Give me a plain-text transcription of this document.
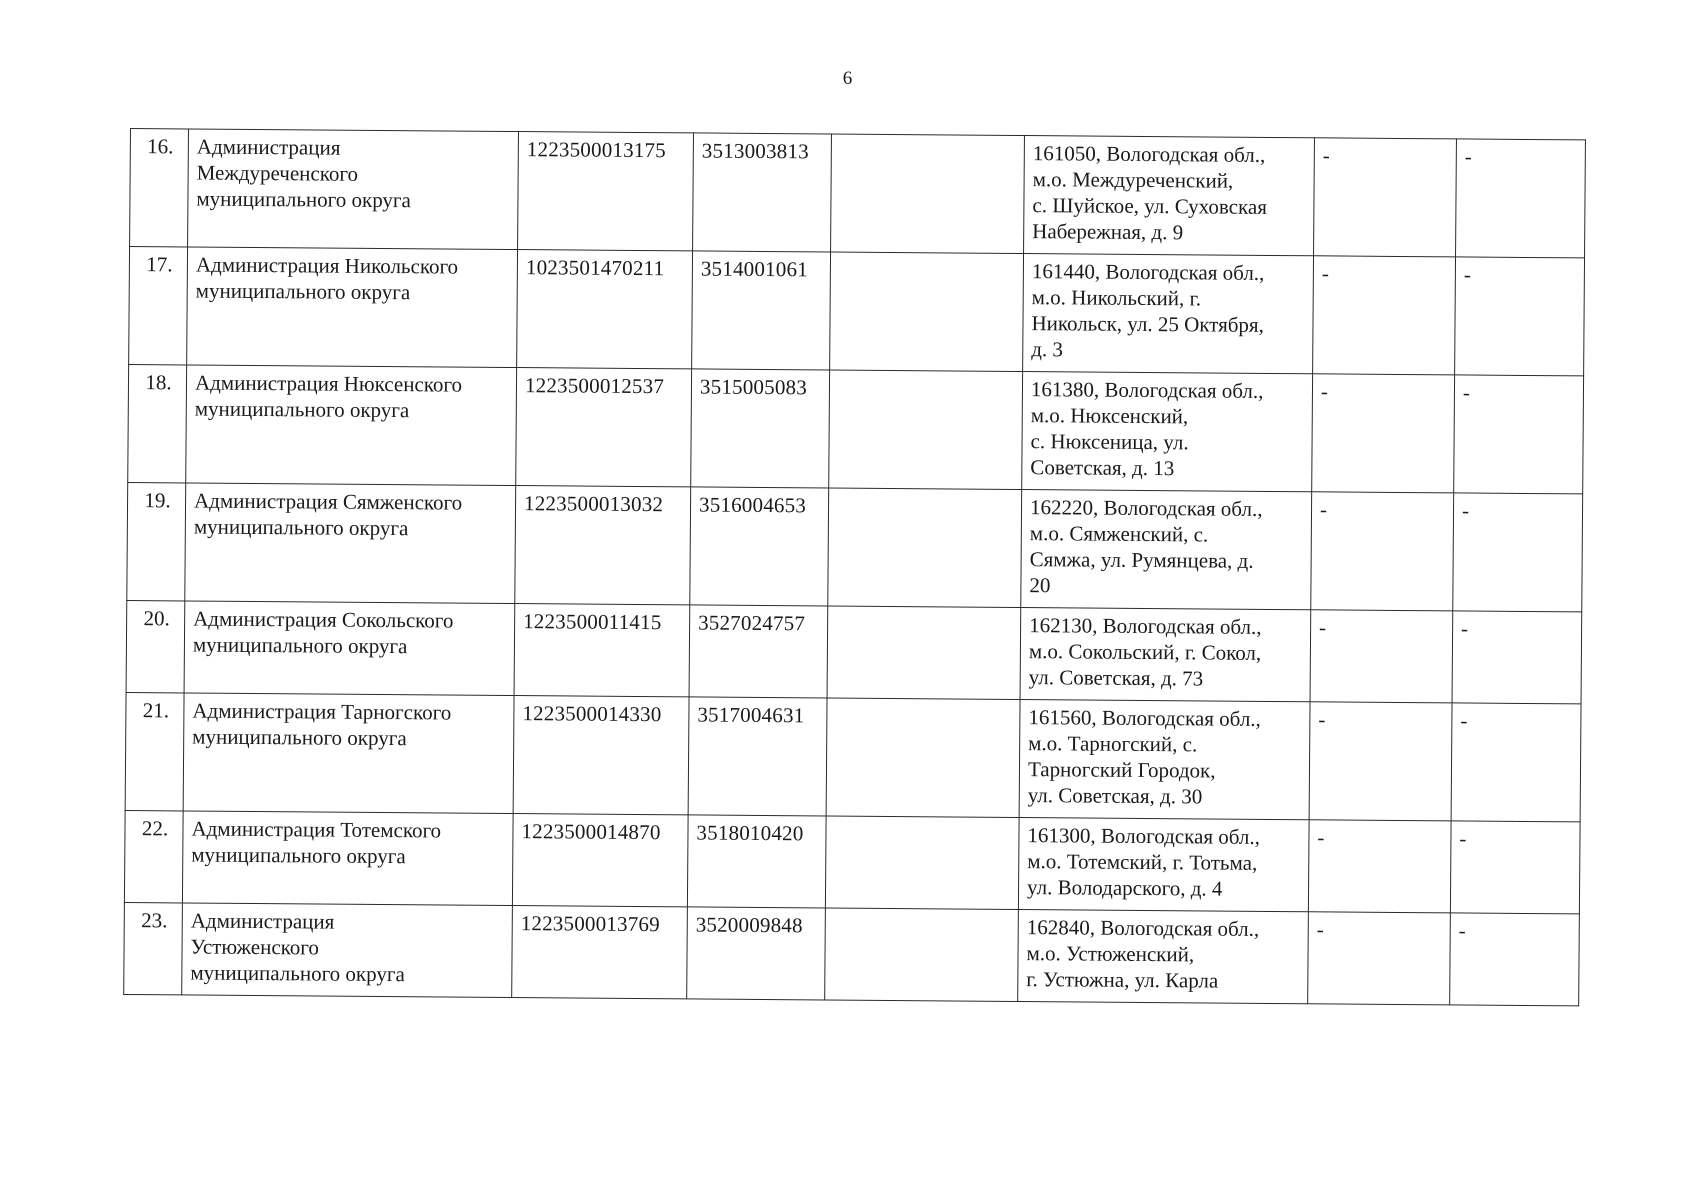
6
16.	Администрация
Междуреченского
муниципального округа	1223500013175	3513003813		161050, Вологодская обл.,
м.о. Междуреченский,
с. Шуйское, ул. Суховская
Набережная, д. 9	-	-

17.	Администрация Никольского
муниципального округа	1023501470211	3514001061		161440, Вологодская обл.,
м.о. Никольский, г.
Никольск, ул. 25 Октября,
д. 3	-	-

18.	Администрация Нюксенского
муниципального округа	1223500012537	3515005083		161380, Вологодская обл.,
м.о. Нюксенский,
с. Нюксеница, ул.
Советская, д. 13	-	-

19.	Администрация Сямженского
муниципального округа	1223500013032	3516004653		162220, Вологодская обл.,
м.о. Сямженский, с.
Сямжа, ул. Румянцева, д.
20	-	-

20.	Администрация Сокольского
муниципального округа	1223500011415	3527024757		162130, Вологодская обл.,
м.о. Сокольский, г. Сокол,
ул. Советская, д. 73	-	-

21.	Администрация Тарногского
муниципального округа	1223500014330	3517004631		161560, Вологодская обл.,
м.о. Тарногский, с.
Тарногский Городок,
ул. Советская, д. 30	-	-

22.	Администрация Тотемского
муниципального округа	1223500014870	3518010420		161300, Вологодская обл.,
м.о. Тотемский, г. Тотьма,
ул. Володарского, д. 4	-	-

23.	Администрация
Устюженского
муниципального округа	1223500013769	3520009848		162840, Вологодская обл.,
м.о. Устюженский,
г. Устюжна, ул. Карла	-	-
